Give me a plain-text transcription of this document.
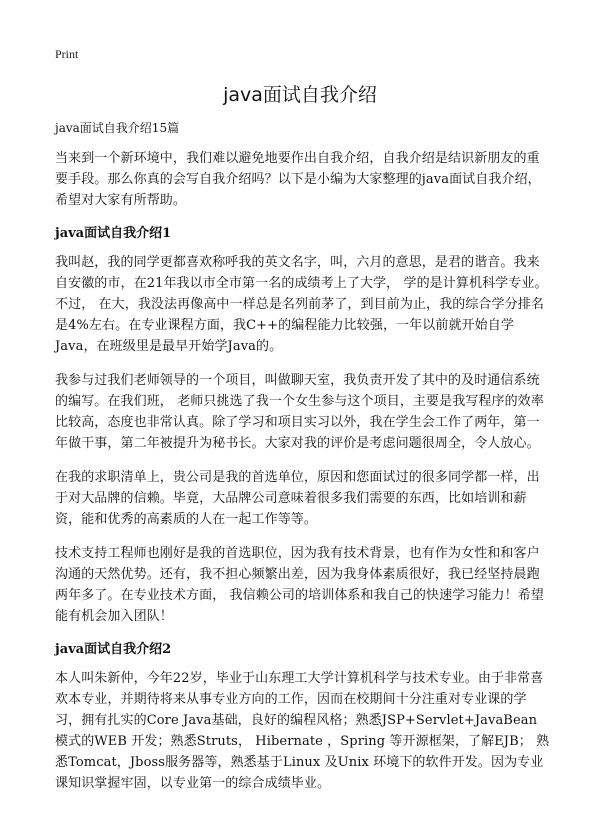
Print
java面试自我介绍
java面试自我介绍15篇

当来到一个新环境中，我们难以避免地要作出自我介绍，自我介绍是结识新朋友的重要手段。那么你真的会写自我介绍吗？以下是小编为大家整理的java面试自我介绍，希望对大家有所帮助。

java面试自我介绍1

我叫赵，我的同学更都喜欢称呼我的英文名字，叫，六月的意思，是君的谐音。我来自安徽的市，在21年我以市全市第一名的成绩考上了大学， 学的是计算机科学专业。不过， 在大，我没法再像高中一样总是名列前茅了，到目前为止，我的综合学分排名是4%左右。在专业课程方面，我C++的编程能力比较强，一年以前就开始自学Java，在班级里是最早开始学Java的。

我参与过我们老师领导的一个项目，叫做聊天室，我负责开发了其中的及时通信系统的编写。在我们班， 老师只挑选了我一个女生参与这个项目，主要是我写程序的效率比较高，态度也非常认真。除了学习和项目实习以外，我在学生会工作了两年，第一年做干事，第二年被提升为秘书长。大家对我的评价是考虑问题很周全，令人放心。

在我的求职清单上，贵公司是我的首选单位，原因和您面试过的很多同学都一样，出于对大品牌的信赖。毕竟，大品牌公司意味着很多我们需要的东西，比如培训和薪资，能和优秀的高素质的人在一起工作等等。

技术支持工程师也刚好是我的首选职位，因为我有技术背景，也有作为女性和和客户沟通的天然优势。还有，我不担心频繁出差，因为我身体素质很好，我已经坚持晨跑两年多了。在专业技术方面， 我信赖公司的培训体系和我自己的快速学习能力！希望能有机会加入团队！

java面试自我介绍2

本人叫朱新仲，今年22岁，毕业于山东理工大学计算机科学与技术专业。由于非常喜欢本专业，并期待将来从事专业方向的工作，因而在校期间十分注重对专业课的学习，拥有扎实的Core Java基础，良好的编程风格；熟悉JSP+Servlet+JavaBean 模式的WEB 开发；熟悉Struts， Hibernate ，Spring 等开源框架，了解EJB； 熟悉Tomcat，Jboss服务器等，熟悉基于Linux 及Unix 环境下的软件开发。因为专业课知识掌握牢固，以专业第一的综合成绩毕业。
